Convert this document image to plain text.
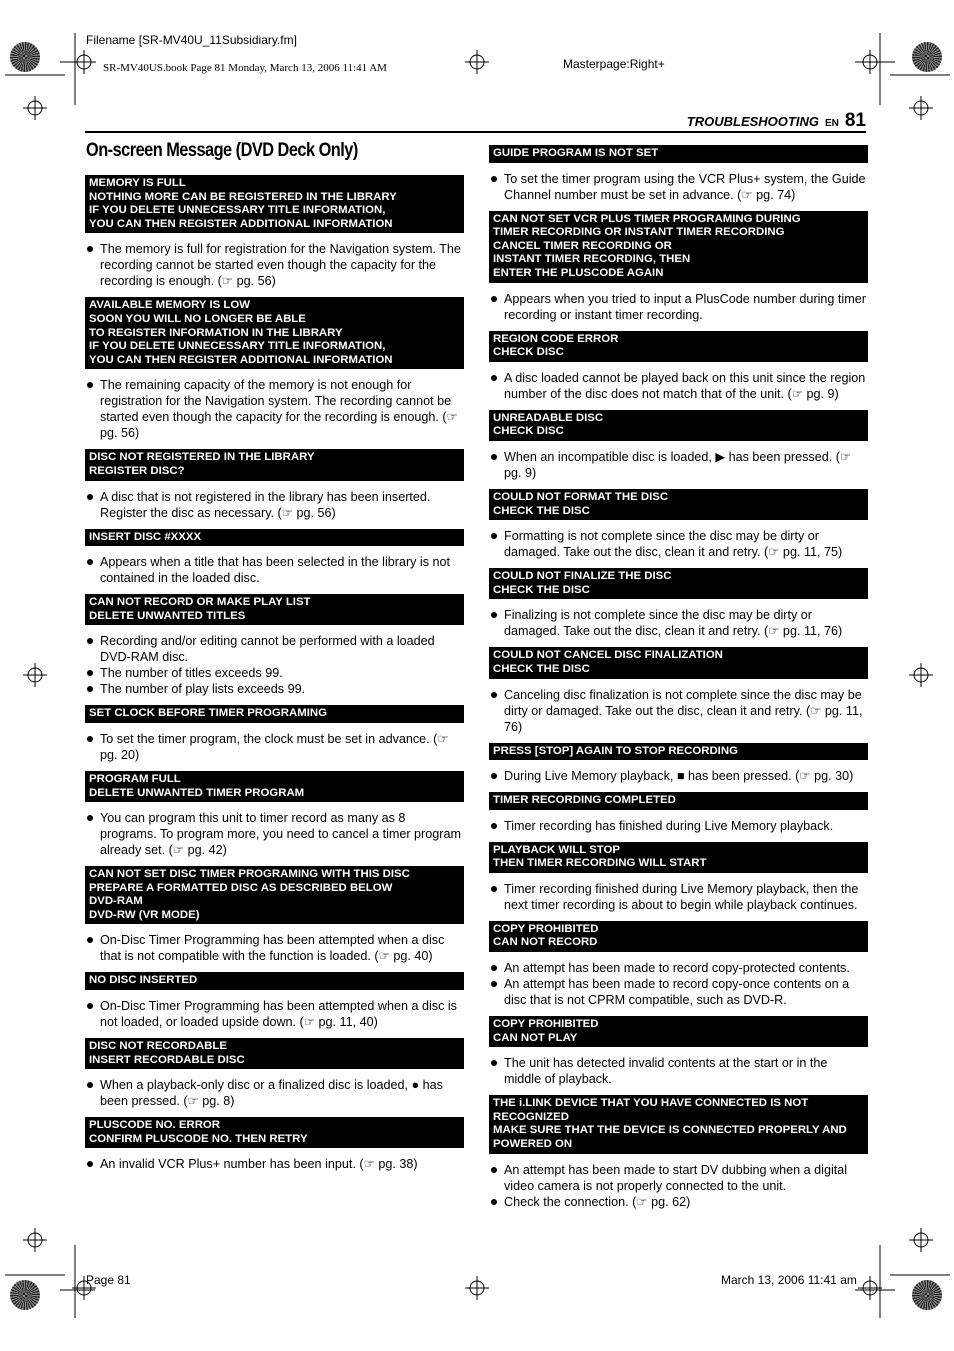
Filename [SR-MV40U_11Subsidiary.fm]
SR-MV40US.book Page 81 Monday, March 13, 2006 11:41 AM	Masterpage:Right+
TROUBLESHOOTING EN 81
On-screen Message (DVD Deck Only)
MEMORY IS FULL
NOTHING MORE CAN BE REGISTERED IN THE LIBRARY
IF YOU DELETE UNNECESSARY TITLE INFORMATION,
YOU CAN THEN REGISTER ADDITIONAL INFORMATION
The memory is full for registration for the Navigation system. The recording cannot be started even though the capacity for the recording is enough. (☞ pg. 56)
AVAILABLE MEMORY IS LOW
SOON YOU WILL NO LONGER BE ABLE
TO REGISTER INFORMATION IN THE LIBRARY
IF YOU DELETE UNNECESSARY TITLE INFORMATION,
YOU CAN THEN REGISTER ADDITIONAL INFORMATION
The remaining capacity of the memory is not enough for registration for the Navigation system. The recording cannot be started even though the capacity for the recording is enough. (☞ pg. 56)
DISC NOT REGISTERED IN THE LIBRARY
REGISTER DISC?
A disc that is not registered in the library has been inserted. Register the disc as necessary. (☞ pg. 56)
INSERT DISC #XXXX
Appears when a title that has been selected in the library is not contained in the loaded disc.
CAN NOT RECORD OR MAKE PLAY LIST
DELETE UNWANTED TITLES
Recording and/or editing cannot be performed with a loaded DVD-RAM disc.
The number of titles exceeds 99.
The number of play lists exceeds 99.
SET CLOCK BEFORE TIMER PROGRAMING
To set the timer program, the clock must be set in advance. (☞ pg. 20)
PROGRAM FULL
DELETE UNWANTED TIMER PROGRAM
You can program this unit to timer record as many as 8 programs. To program more, you need to cancel a timer program already set. (☞ pg. 42)
CAN NOT SET DISC TIMER PROGRAMING WITH THIS DISC
PREPARE A FORMATTED DISC AS DESCRIBED BELOW
DVD-RAM
DVD-RW (VR MODE)
On-Disc Timer Programming has been attempted when a disc that is not compatible with the function is loaded. (☞ pg. 40)
NO DISC INSERTED
On-Disc Timer Programming has been attempted when a disc is not loaded, or loaded upside down. (☞ pg. 11, 40)
DISC NOT RECORDABLE
INSERT RECORDABLE DISC
When a playback-only disc or a finalized disc is loaded, ● has been pressed. (☞ pg. 8)
PLUSCODE NO. ERROR
CONFIRM PLUSCODE NO. THEN RETRY
An invalid VCR Plus+ number has been input. (☞ pg. 38)
GUIDE PROGRAM IS NOT SET
To set the timer program using the VCR Plus+ system, the Guide Channel number must be set in advance. (☞ pg. 74)
CAN NOT SET VCR PLUS TIMER PROGRAMING DURING
TIMER RECORDING OR INSTANT TIMER RECORDING
CANCEL TIMER RECORDING OR
INSTANT TIMER RECORDING, THEN
ENTER THE PLUSCODE AGAIN
Appears when you tried to input a PlusCode number during timer recording or instant timer recording.
REGION CODE ERROR
CHECK DISC
A disc loaded cannot be played back on this unit since the region number of the disc does not match that of the unit. (☞ pg. 9)
UNREADABLE DISC
CHECK DISC
When an incompatible disc is loaded, ▶ has been pressed. (☞ pg. 9)
COULD NOT FORMAT THE DISC
CHECK THE DISC
Formatting is not complete since the disc may be dirty or damaged. Take out the disc, clean it and retry. (☞ pg. 11, 75)
COULD NOT FINALIZE THE DISC
CHECK THE DISC
Finalizing is not complete since the disc may be dirty or damaged. Take out the disc, clean it and retry. (☞ pg. 11, 76)
COULD NOT CANCEL DISC FINALIZATION
CHECK THE DISC
Canceling disc finalization is not complete since the disc may be dirty or damaged. Take out the disc, clean it and retry. (☞ pg. 11, 76)
PRESS [STOP] AGAIN TO STOP RECORDING
During Live Memory playback, ■ has been pressed. (☞ pg. 30)
TIMER RECORDING COMPLETED
Timer recording has finished during Live Memory playback.
PLAYBACK WILL STOP
THEN TIMER RECORDING WILL START
Timer recording finished during Live Memory playback, then the next timer recording is about to begin while playback continues.
COPY PROHIBITED
CAN NOT RECORD
An attempt has been made to record copy-protected contents.
An attempt has been made to record copy-once contents on a disc that is not CPRM compatible, such as DVD-R.
COPY PROHIBITED
CAN NOT PLAY
The unit has detected invalid contents at the start or in the middle of playback.
THE i.LINK DEVICE THAT YOU HAVE CONNECTED IS NOT RECOGNIZED
MAKE SURE THAT THE DEVICE IS CONNECTED PROPERLY AND POWERED ON
An attempt has been made to start DV dubbing when a digital video camera is not properly connected to the unit.
Check the connection. (☞ pg. 62)
Page 81	March 13, 2006 11:41 am
